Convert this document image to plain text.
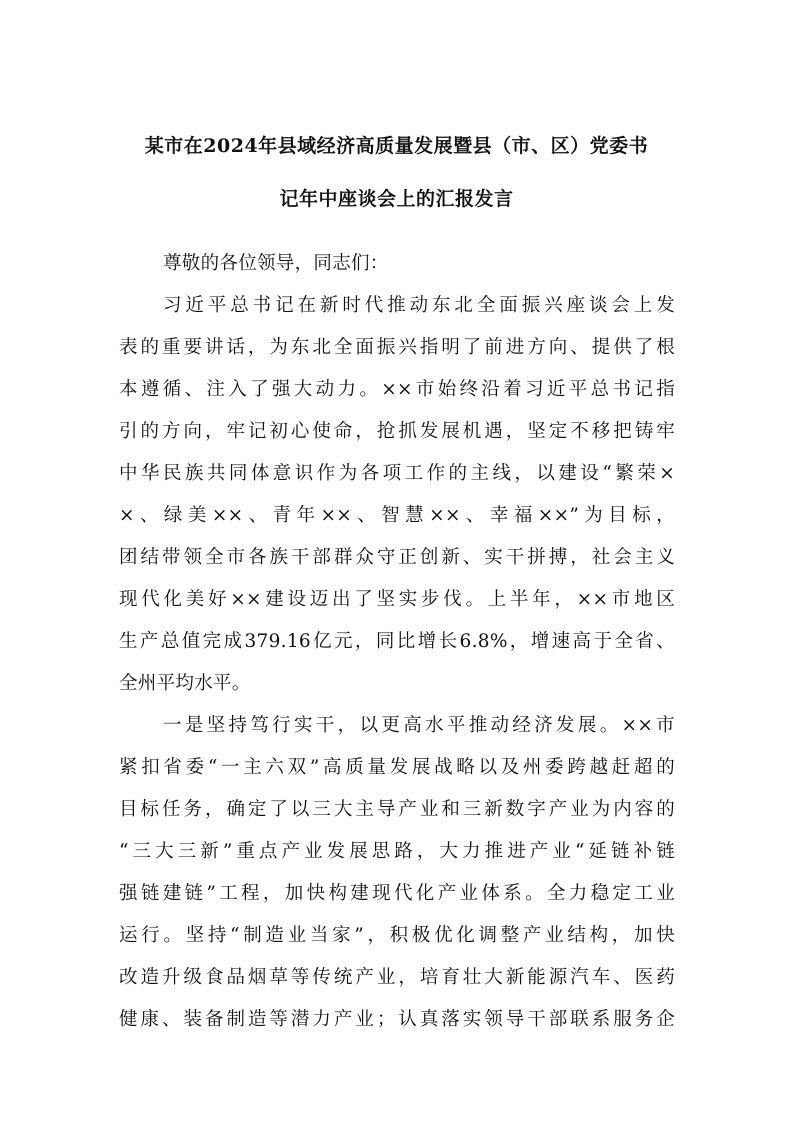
某市在2024年县域经济高质量发展暨县（市、区）党委书
记年中座谈会上的汇报发言
尊敬的各位领导，同志们：
习近平总书记在新时代推动东北全面振兴座谈会上发
表的重要讲话，为东北全面振兴指明了前进方向、提供了根
本遵循、注入了强大动力。××市始终沿着习近平总书记指
引的方向，牢记初心使命，抢抓发展机遇，坚定不移把铸牢
中华民族共同体意识作为各项工作的主线，以建设“繁荣×
×、绿美××、青年××、智慧××、幸福××”为目标，
团结带领全市各族干部群众守正创新、实干拼搏，社会主义
现代化美好××建设迈出了坚实步伐。上半年，××市地区
生产总值完成379.16亿元，同比增长6.8%，增速高于全省、
全州平均水平。
一是坚持笃行实干，以更高水平推动经济发展。××市
紧扣省委“一主六双”高质量发展战略以及州委跨越赶超的
目标任务，确定了以三大主导产业和三新数字产业为内容的
“三大三新”重点产业发展思路，大力推进产业“延链补链
强链建链”工程，加快构建现代化产业体系。全力稳定工业
运行。坚持“制造业当家”，积极优化调整产业结构，加快
改造升级食品烟草等传统产业，培育壮大新能源汽车、医药
健康、装备制造等潜力产业；认真落实领导干部联系服务企
